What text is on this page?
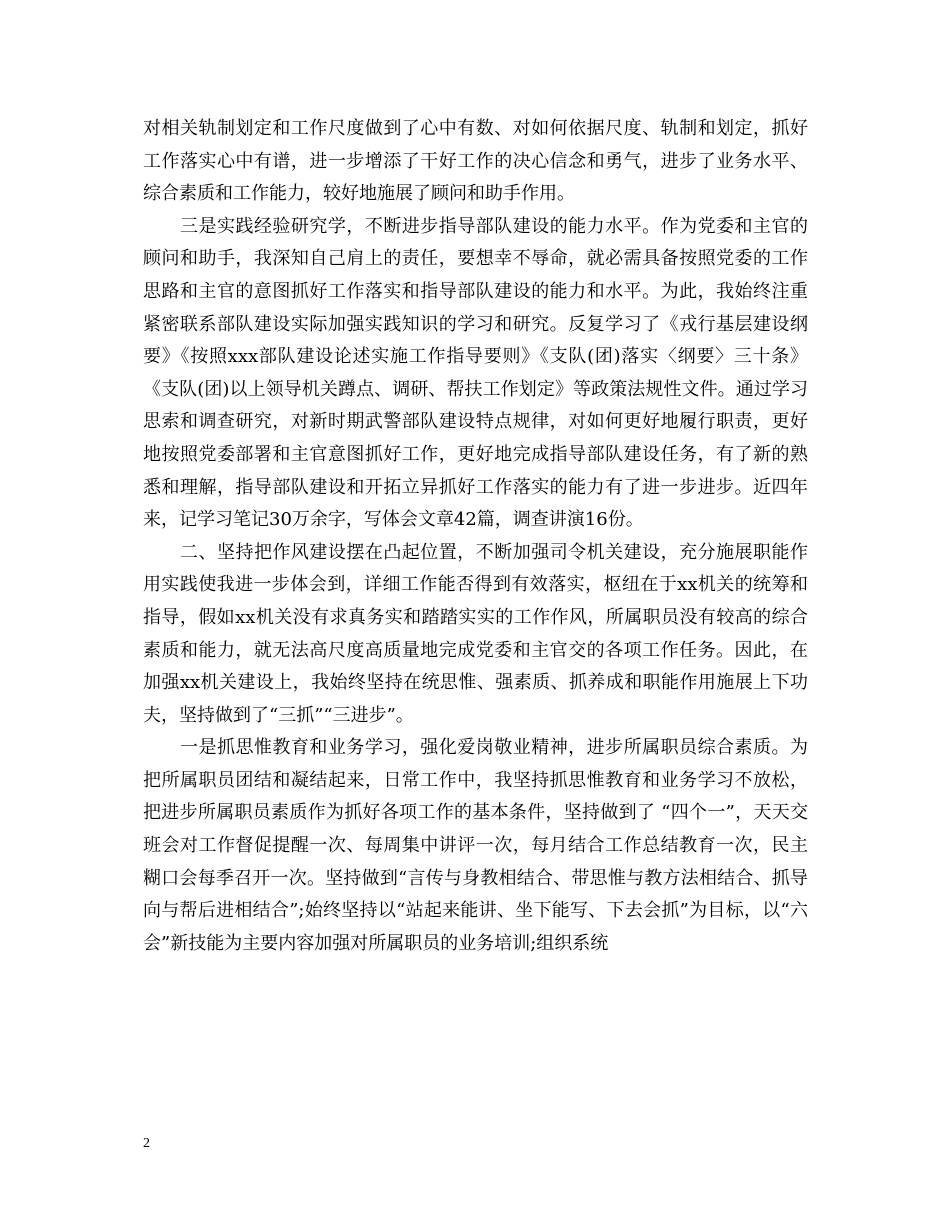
对相关轨制划定和工作尺度做到了心中有数、对如何依据尺度、轨制和划定，抓好工作落实心中有谱，进一步增添了干好工作的决心信念和勇气，进步了业务水平、综合素质和工作能力，较好地施展了顾问和助手作用。

三是实践经验研究学，不断进步指导部队建设的能力水平。作为党委和主官的顾问和助手，我深知自己肩上的责任，要想幸不辱命，就必需具备按照党委的工作思路和主官的意图抓好工作落实和指导部队建设的能力和水平。为此，我始终注重紧密联系部队建设实际加强实践知识的学习和研究。反复学习了《戎行基层建设纲要》《按照xxx部队建设论述实施工作指导要则》《支队(团)落实〈纲要〉三十条》《支队(团)以上领导机关蹲点、调研、帮扶工作划定》等政策法规性文件。通过学习思索和调查研究，对新时期武警部队建设特点规律，对如何更好地履行职责，更好地按照党委部署和主官意图抓好工作，更好地完成指导部队建设任务，有了新的熟悉和理解，指导部队建设和开拓立异抓好工作落实的能力有了进一步进步。近四年来，记学习笔记30万余字，写体会文章42篇，调查讲演16份。

二、坚持把作风建设摆在凸起位置，不断加强司令机关建设，充分施展职能作用实践使我进一步体会到，详细工作能否得到有效落实，枢纽在于xx机关的统筹和指导，假如xx机关没有求真务实和踏踏实实的工作作风，所属职员没有较高的综合素质和能力，就无法高尺度高质量地完成党委和主官交的各项工作任务。因此，在加强xx机关建设上，我始终坚持在统思惟、强素质、抓养成和职能作用施展上下功夫，坚持做到了“三抓”“三进步”。

一是抓思惟教育和业务学习，强化爱岗敬业精神，进步所属职员综合素质。为把所属职员团结和凝结起来，日常工作中，我坚持抓思惟教育和业务学习不放松，把进步所属职员素质作为抓好各项工作的基本条件，坚持做到了 “四个一”，天天交班会对工作督促提醒一次、每周集中讲评一次，每月结合工作总结教育一次，民主糊口会每季召开一次。坚持做到“言传与身教相结合、带思惟与教方法相结合、抓导向与帮后进相结合”;始终坚持以“站起来能讲、坐下能写、下去会抓”为目标，以“六会”新技能为主要内容加强对所属职员的业务培训;组织系统

2
